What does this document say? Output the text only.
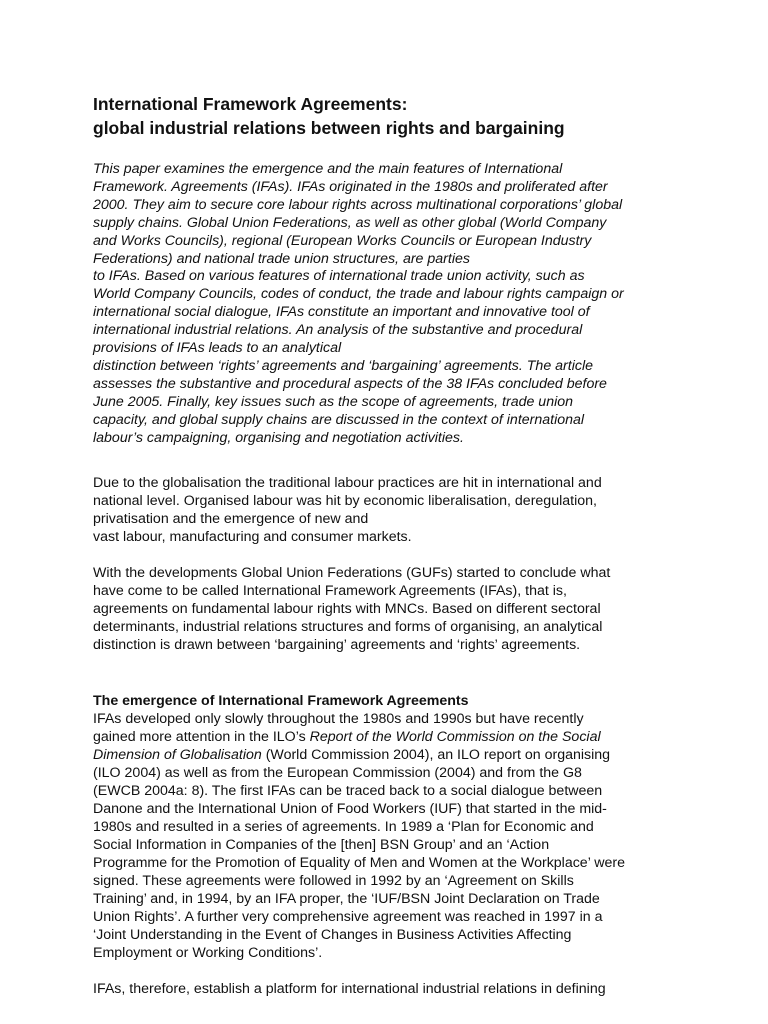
International Framework Agreements:
global industrial relations between rights and bargaining
This paper examines the emergence and the main features of International
Framework. Agreements (IFAs). IFAs originated in the 1980s and proliferated after
2000. They aim to secure core labour rights across multinational corporations’ global
supply chains. Global Union Federations, as well as other global (World Company
and Works Councils), regional (European Works Councils or European Industry
Federations) and national trade union structures, are parties
to IFAs. Based on various features of international trade union activity, such as
World Company Councils, codes of conduct, the trade and labour rights campaign or
international social dialogue, IFAs constitute an important and innovative tool of
international industrial relations. An analysis of the substantive and procedural
provisions of IFAs leads to an analytical
distinction between ‘rights’ agreements and ‘bargaining’ agreements. The article
assesses the substantive and procedural aspects of the 38 IFAs concluded before
June 2005. Finally, key issues such as the scope of agreements, trade union
capacity, and global supply chains are discussed in the context of international
labour’s campaigning, organising and negotiation activities.

Due to the globalisation the traditional labour practices are hit in international and
national level. Organised labour was hit by economic liberalisation, deregulation,
privatisation and the emergence of new and
vast labour, manufacturing and consumer markets.

With the developments Global Union Federations (GUFs) started to conclude what
have come to be called International Framework Agreements (IFAs), that is,
agreements on fundamental labour rights with MNCs. Based on different sectoral
determinants, industrial relations structures and forms of organising, an analytical
distinction is drawn between ‘bargaining’ agreements and ‘rights’ agreements.

The emergence of International Framework Agreements

IFAs developed only slowly throughout the 1980s and 1990s but have recently
gained more attention in the ILO’s Report of the World Commission on the Social
Dimension of Globalisation (World Commission 2004), an ILO report on organising
(ILO 2004) as well as from the European Commission (2004) and from the G8
(EWCB 2004a: 8). The first IFAs can be traced back to a social dialogue between
Danone and the International Union of Food Workers (IUF) that started in the mid-
1980s and resulted in a series of agreements. In 1989 a ‘Plan for Economic and
Social Information in Companies of the [then] BSN Group’ and an ‘Action
Programme for the Promotion of Equality of Men and Women at the Workplace’ were
signed. These agreements were followed in 1992 by an ‘Agreement on Skills
Training’ and, in 1994, by an IFA proper, the ‘IUF/BSN Joint Declaration on Trade
Union Rights’. A further very comprehensive agreement was reached in 1997 in a
‘Joint Understanding in the Event of Changes in Business Activities Affecting
Employment or Working Conditions’.

IFAs, therefore, establish a platform for international industrial relations in defining
